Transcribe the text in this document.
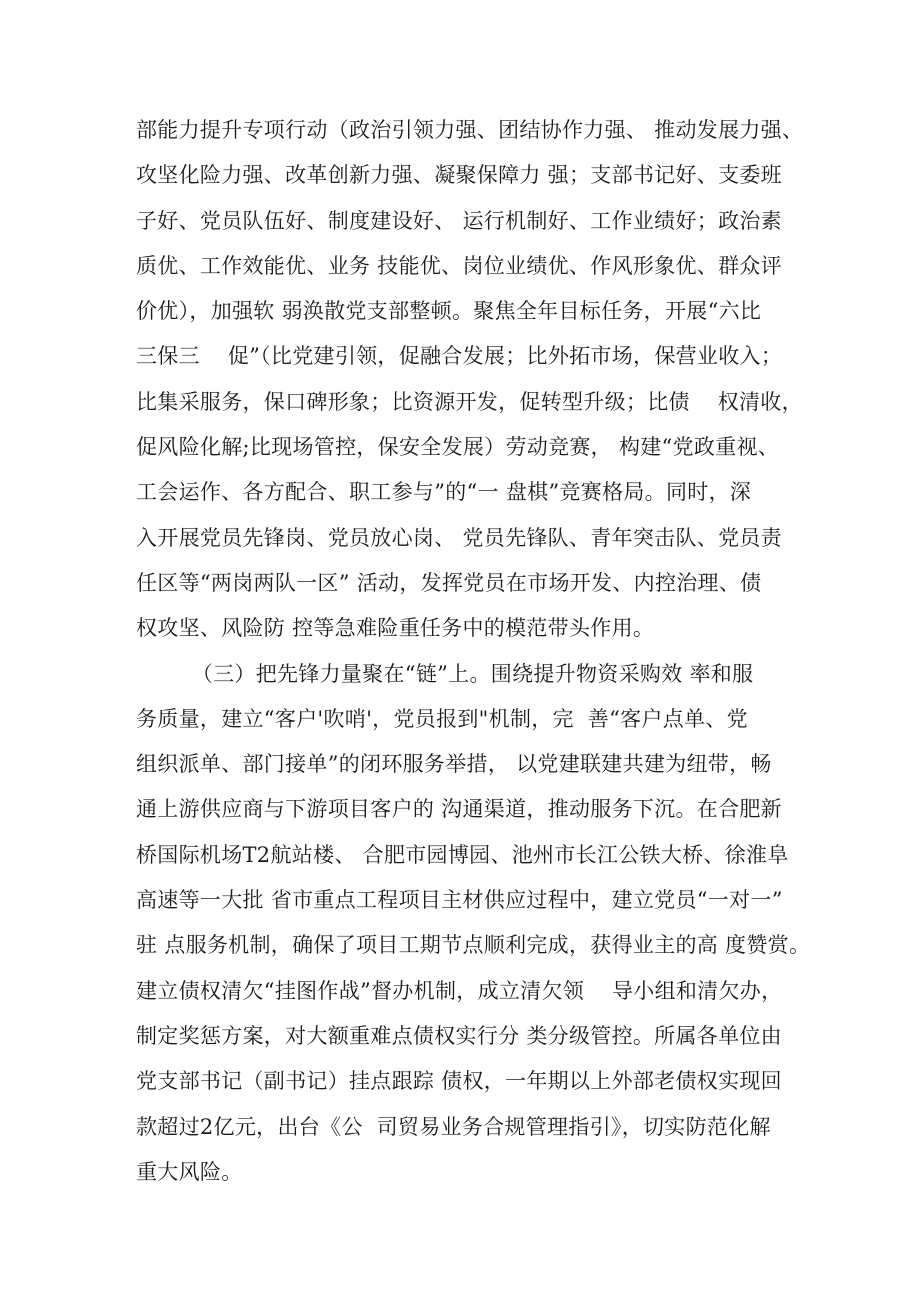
部能力提升专项行动（政治引领力强、团结协作力强、 推动发展力强、
攻坚化险力强、改革创新力强、凝聚保障力 强；支部书记好、支委班
子好、党员队伍好、制度建设好、 运行机制好、工作业绩好；政治素
质优、工作效能优、业务 技能优、岗位业绩优、作风形象优、群众评
价优），加强软 弱涣散党支部整顿。聚焦全年目标任务，开展“六比
三保三    促”（比党建引领，促融合发展；比外拓市场，保营业收入；
比集采服务，保口碑形象；比资源开发，促转型升级；比债    权清收，
促风险化解;比现场管控，保安全发展）劳动竞赛， 构建“党政重视、
工会运作、各方配合、职工参与”的“一 盘棋”竞赛格局。同时，深
入开展党员先锋岗、党员放心岗、 党员先锋队、青年突击队、党员责
任区等“两岗两队一区” 活动，发挥党员在市场开发、内控治理、债
权攻坚、风险防 控等急难险重任务中的模范带头作用。
（三）把先锋力量聚在“链”上。围绕提升物资采购效 率和服
务质量，建立“客户'吹哨'，党员报到"机制，完  善“客户点单、党
组织派单、部门接单”的闭环服务举措， 以党建联建共建为纽带，畅
通上游供应商与下游项目客户的 沟通渠道，推动服务下沉。在合肥新
桥国际机场T2航站楼、 合肥市园博园、池州市长江公铁大桥、徐淮阜
高速等一大批 省市重点工程项目主材供应过程中，建立党员“一对一”
驻 点服务机制，确保了项目工期节点顺利完成，获得业主的高 度赞赏。
建立债权清欠“挂图作战”督办机制，成立清欠领    导小组和清欠办，
制定奖惩方案，对大额重难点债权实行分 类分级管控。所属各单位由
党支部书记（副书记）挂点跟踪 债权，一年期以上外部老债权实现回
款超过2亿元，出台《公  司贸易业务合规管理指引》，切实防范化解
重大风险。
